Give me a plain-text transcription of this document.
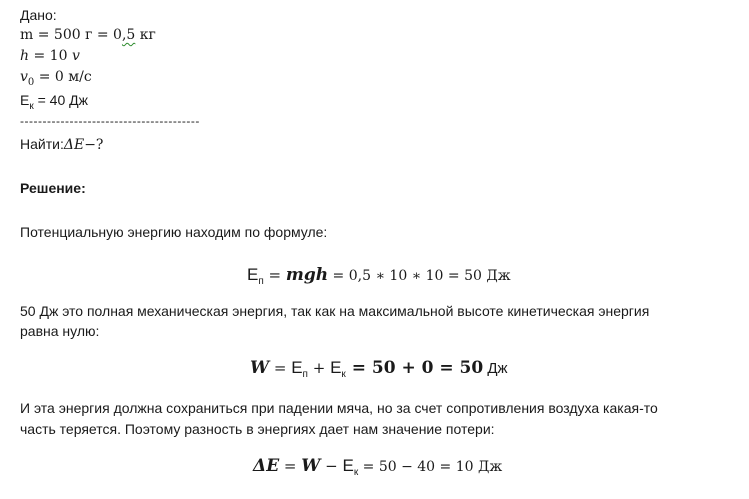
Дано:
m = 500 г = 0,5 кг
h = 10 v
$v_0 = 0$ м/с
$E_к = 40$ Дж
----------------------------------------
Найти:ΔE−?
Решение:
Потенциальную энергию находим по формуле:
$E_п$ = mgh = 0,5 ∗ 10 ∗ 10 = 50 Дж
50 Дж это полная механическая энергия, так как на максимальной высоте кинетическая энергия
равна нулю:
$W = E_п + E_к = 50 + 0 = 50$ Дж
И эта энергия должна сохраниться при падении мяча, но за счет сопротивления воздуха какая-то
часть теряется. Поэтому разность в энергиях дает нам значение потери:
$\Delta E = W - E_к = 50 - 40 = 10$ Дж
